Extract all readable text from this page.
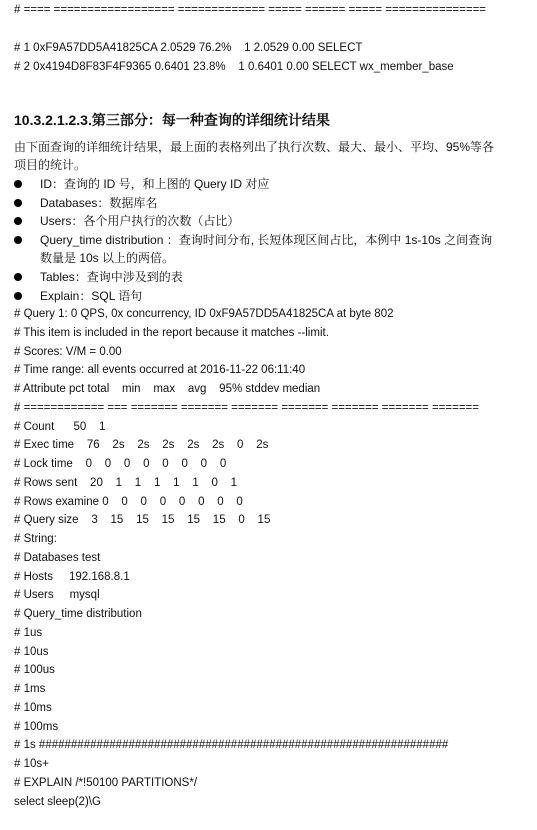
# ==== ================== ============= ===== ====== ===== ===============
# 1 0xF9A57DD5A41825CA 2.0529 76.2%    1 2.0529 0.00 SELECT
# 2 0x4194D8F83F4F9365 0.6401 23.8%    1 0.6401 0.00 SELECT wx_member_base
10.3.2.1.2.3.第三部分：每一种查询的详细统计结果
由下面查询的详细统计结果，最上面的表格列出了执行次数、最大、最小、平均、95%等各
项目的统计。
ID：查询的 ID 号，和上图的 Query ID 对应
Databases：数据库名
Users：各个用户执行的次数（占比）
Query_time distribution ：查询时间分布, 长短体现区间占比，本例中 1s-10s 之间查询
数量是 10s 以上的两倍。
Tables：查询中涉及到的表
Explain：SQL 语句
# Query 1: 0 QPS, 0x concurrency, ID 0xF9A57DD5A41825CA at byte 802
# This item is included in the report because it matches --limit.
# Scores: V/M = 0.00
# Time range: all events occurred at 2016-11-22 06:11:40
# Attribute pct total    min    max    avg    95% stddev median
# ============ === ======= ======= ======= ======= ======= ======= =======
# Count      50    1
# Exec time    76    2s    2s    2s    2s    2s    0    2s
# Lock time    0    0    0    0    0    0    0    0
# Rows sent    20    1    1    1    1    1    0    1
# Rows examine 0    0    0    0    0    0    0    0
# Query size    3    15    15    15    15    15    0    15
# String:
# Databases test
# Hosts     192.168.8.1
# Users     mysql
# Query_time distribution
# 1us
# 10us
# 100us
# 1ms
# 10ms
# 100ms
# 1s ################################################################
# 10s+
# EXPLAIN /*!50100 PARTITIONS*/
select sleep(2)\G
